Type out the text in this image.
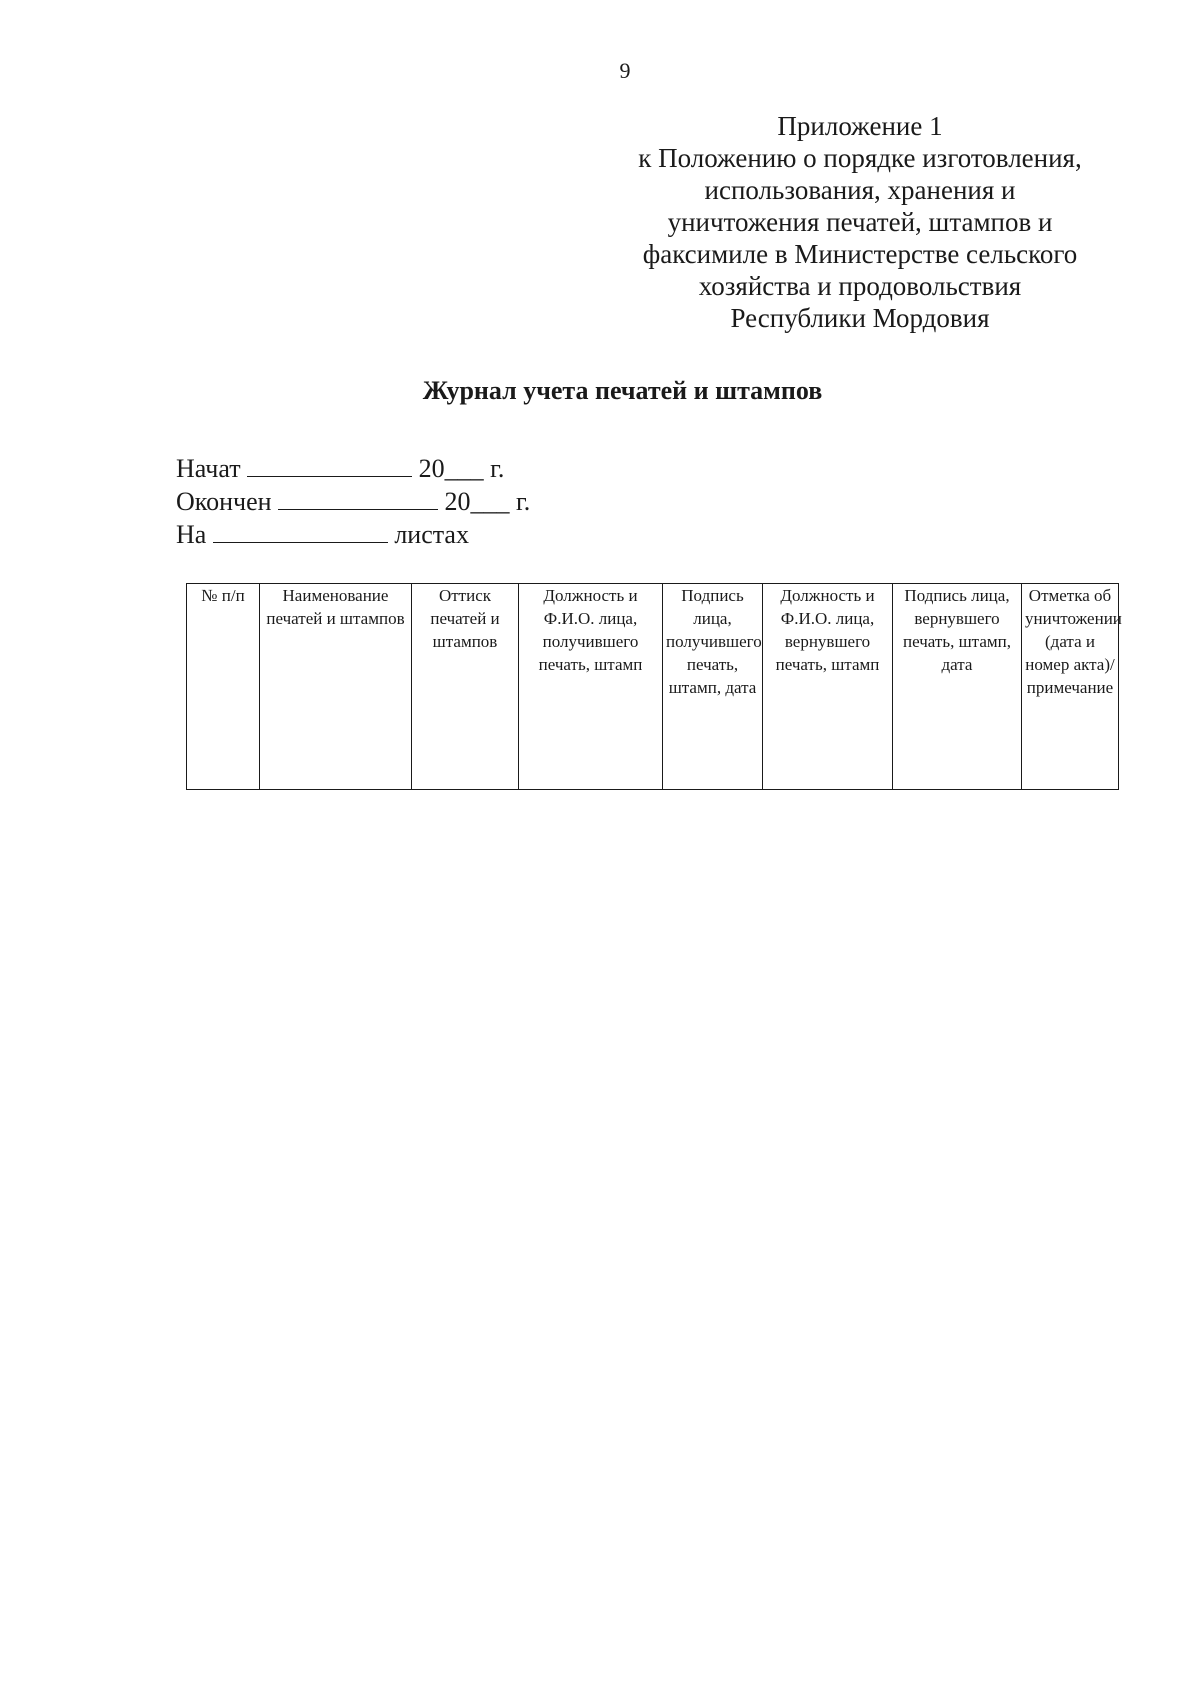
9
Приложение 1
к Положению о порядке изготовления,
использования, хранения и
уничтожения печатей, штампов и
факсимиле в Министерстве сельского
хозяйства и продовольствия
Республики Мордовия
Журнал учета печатей и штампов
Начат	20___ г.
Окончен	20___ г.
На	листах
№ п/п	Наименование печатей и штампов	Оттиск печатей и штампов	Должность и Ф.И.О. лица, получившего печать, штамп	Подпись лица, получившего печать, штамп, дата	Должность и Ф.И.О. лица, вернувшего печать, штамп	Подпись лица, вернувшего печать, штамп, дата	Отметка об уничтожении (дата и номер акта)/ примечание
